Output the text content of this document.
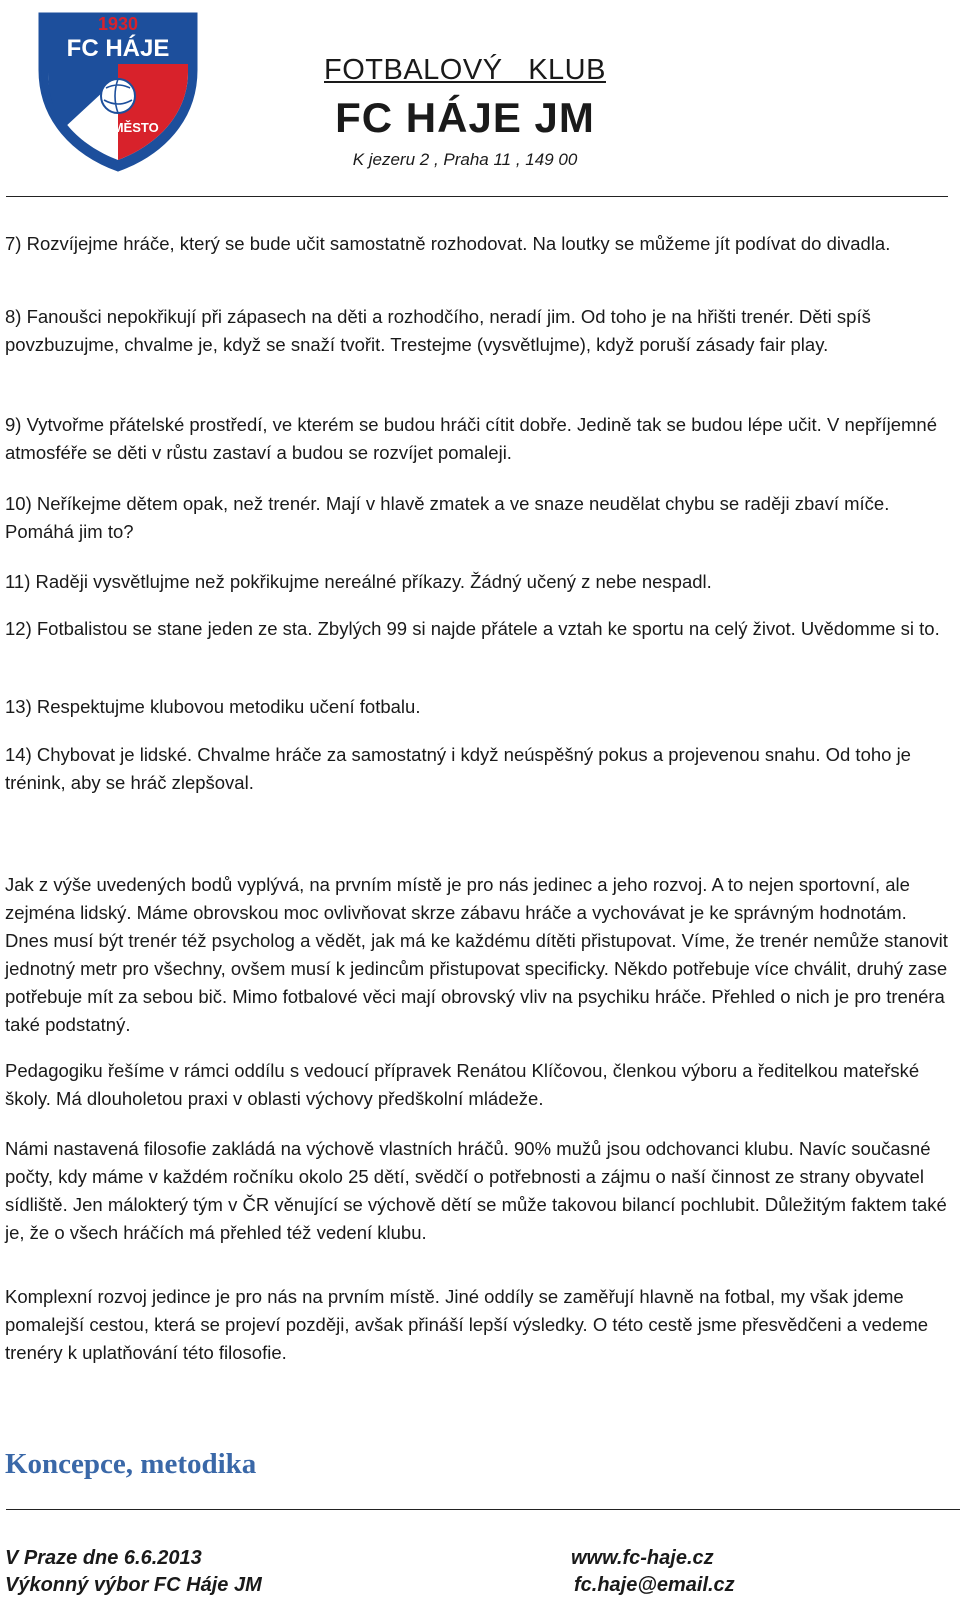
1930
FC HÁJE
JIŽNÍ MĚSTO
FOTBALOVÝ   KLUB
FC HÁJE JM
K jezeru 2 , Praha 11 , 149 00

7) Rozvíjejme hráče, který se bude učit samostatně rozhodovat. Na loutky se můžeme jít podívat do divadla.

8) Fanoušci nepokřikují při zápasech na děti a rozhodčího, neradí jim. Od toho je na hřišti trenér. Děti spíš povzbuzujme, chvalme je, když se snaží tvořit. Trestejme (vysvětlujme), když poruší zásady fair play.

9) Vytvořme přátelské prostředí, ve kterém se budou hráči cítit dobře. Jedině tak se budou lépe učit. V nepříjemné atmosféře se děti v růstu zastaví a budou se rozvíjet pomaleji.

10) Neříkejme dětem opak, než trenér. Mají v hlavě zmatek a ve snaze neudělat chybu se raději zbaví míče. Pomáhá jim to?

11) Raději vysvětlujme než pokřikujme nereálné příkazy. Žádný učený z nebe nespadl.

12) Fotbalistou se stane jeden ze sta. Zbylých 99 si najde přátele a vztah ke sportu na celý život. Uvědomme si to.

13) Respektujme klubovou metodiku učení fotbalu.

14) Chybovat je lidské. Chvalme hráče za samostatný i když neúspěšný pokus a projevenou snahu. Od toho je trénink, aby se hráč zlepšoval.

Jak z výše uvedených bodů vyplývá, na prvním místě je pro nás jedinec a jeho rozvoj. A to nejen sportovní, ale zejména lidský. Máme obrovskou moc ovlivňovat skrze zábavu hráče a vychovávat je ke správným hodnotám. Dnes musí být trenér též psycholog a vědět, jak má ke každému dítěti přistupovat. Víme, že trenér nemůže stanovit jednotný metr pro všechny, ovšem musí k jedincům přistupovat specificky. Někdo potřebuje více chválit, druhý zase potřebuje mít za sebou bič. Mimo fotbalové věci mají obrovský vliv na psychiku hráče. Přehled o nich je pro trenéra také podstatný.

Pedagogiku řešíme v rámci oddílu s vedoucí přípravek Renátou Klíčovou, členkou výboru a ředitelkou mateřské školy. Má dlouholetou praxi v oblasti výchovy předškolní mládeže.

Námi nastavená filosofie zakládá na výchově vlastních hráčů. 90% mužů jsou odchovanci klubu. Navíc současné počty, kdy máme v každém ročníku okolo 25 dětí, svědčí o potřebnosti a zájmu o naší činnost ze strany obyvatel sídliště. Jen málokterý tým v ČR věnující se výchově dětí se může takovou bilancí pochlubit. Důležitým faktem také je, že o všech hráčích má přehled též vedení klubu.

Komplexní rozvoj jedince je pro nás na prvním místě. Jiné oddíly se zaměřují hlavně na fotbal, my však jdeme pomalejší cestou, která se projeví později, avšak přináší lepší výsledky. O této cestě jsme přesvědčeni a vedeme trenéry k uplatňování této filosofie.

Koncepce, metodika
V Praze dne 6.6.2013
Výkonný výbor FC Háje JM
www.fc-haje.cz
fc.haje@email.cz
